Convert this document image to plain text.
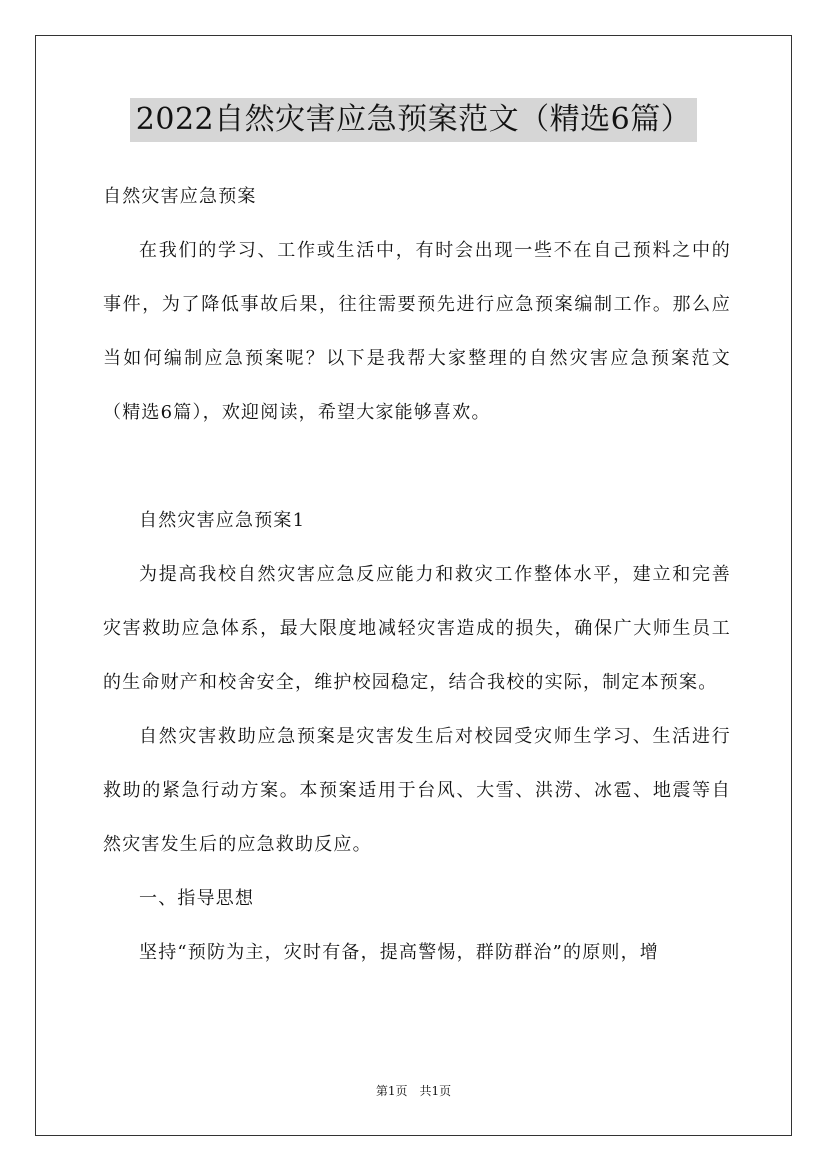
2022自然灾害应急预案范文（精选6篇）

自然灾害应急预案

在我们的学习、工作或生活中，有时会出现一些不在自己预料之中的事件，为了降低事故后果，往往需要预先进行应急预案编制工作。那么应当如何编制应急预案呢？以下是我帮大家整理的自然灾害应急预案范文（精选6篇），欢迎阅读，希望大家能够喜欢。

自然灾害应急预案1

为提高我校自然灾害应急反应能力和救灾工作整体水平，建立和完善灾害救助应急体系，最大限度地减轻灾害造成的损失，确保广大师生员工的生命财产和校舍安全，维护校园稳定，结合我校的实际，制定本预案。

自然灾害救助应急预案是灾害发生后对校园受灾师生学习、生活进行救助的紧急行动方案。本预案适用于台风、大雪、洪涝、冰雹、地震等自然灾害发生后的应急救助反应。

一、指导思想

坚持“预防为主，灾时有备，提高警惕，群防群治”的原则，增

第1页　共1页
